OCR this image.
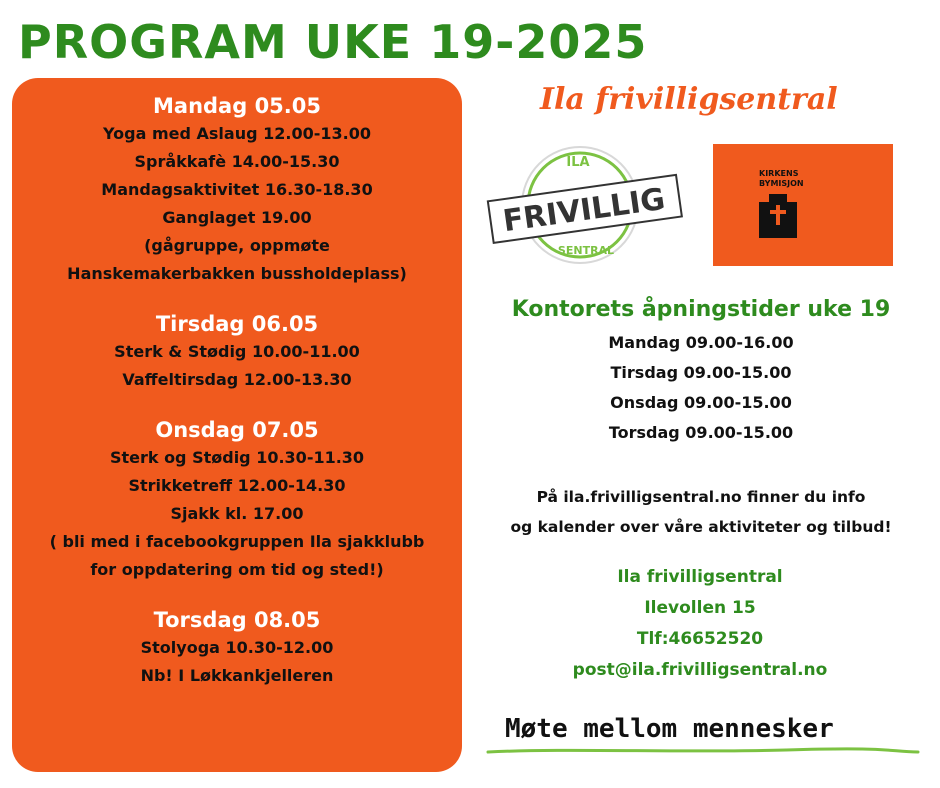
PROGRAM UKE 19-2025
Mandag 05.05
Yoga med Aslaug 12.00-13.00
Språkkafè 14.00-15.30
Mandagsaktivitet 16.30-18.30
Ganglaget 19.00
(gågruppe, oppmøte
Hanskemakerbakken bussholdeplass)
Tirsdag 06.05
Sterk & Stødig 10.00-11.00
Vaffeltirsdag 12.00-13.30
Onsdag 07.05
Sterk og Stødig 10.30-11.30
Strikketreff 12.00-14.30
Sjakk kl. 17.00
( bli med i facebookgruppen Ila sjakklubb
for oppdatering om tid og sted!)
Torsdag 08.05
Stolyoga 10.30-12.00
Nb! I Løkkankjelleren
Ila frivilligsentral
ILA
FRIVILLIG
SENTRAL
KIRKENS
BYMISJON
Kontorets åpningstider uke 19
Mandag 09.00-16.00
Tirsdag 09.00-15.00
Onsdag 09.00-15.00
Torsdag 09.00-15.00
På ila.frivilligsentral.no finner du info
og kalender over våre aktiviteter og tilbud!
Ila frivilligsentral
Ilevollen 15
Tlf:46652520
post@ila.frivilligsentral.no
Møte mellom mennesker
